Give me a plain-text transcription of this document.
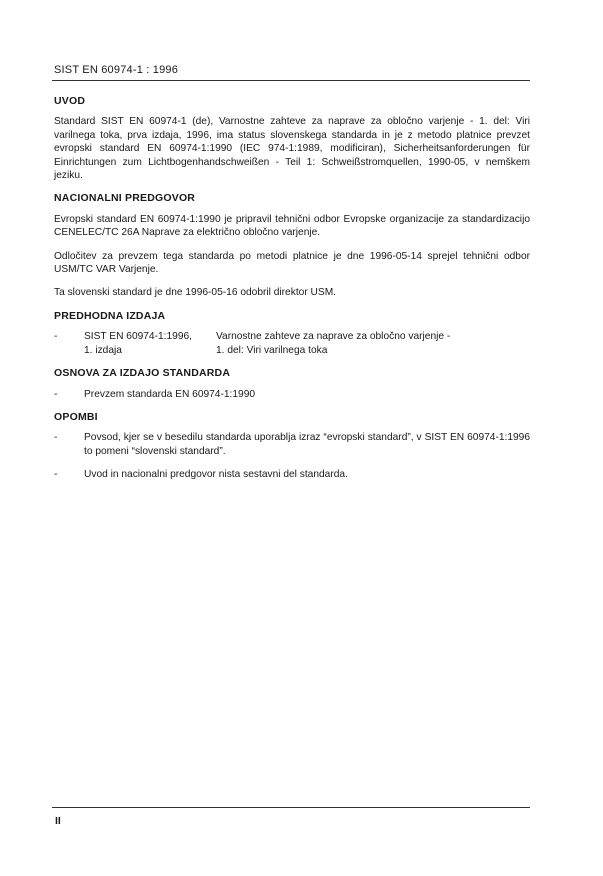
SIST EN 60974-1 : 1996
UVOD

Standard SIST EN 60974-1 (de), Varnostne zahteve za naprave za obločno varjenje - 1. del: Viri varilnega toka, prva izdaja, 1996, ima status slovenskega standarda in je z metodo platnice prevzet evropski standard EN 60974-1:1990 (IEC 974-1:1989, modificiran), Sicherheitsanforderungen für Einrichtungen zum Lichtbogenhandschweißen - Teil 1: Schweißstromquellen, 1990-05, v nemškem jeziku.

NACIONALNI PREDGOVOR

Evropski standard EN 60974-1:1990 je pripravil tehnični odbor Evropske organizacije za standardizacijo CENELEC/TC 26A Naprave za električno obločno varjenje.

Odločitev za prevzem tega standarda po metodi platnice je dne 1996-05-14 sprejel tehnični odbor USM/TC VAR Varjenje.

Ta slovenski standard je dne 1996-05-16 odobril direktor USM.

PREDHODNA IZDAJA
-	SIST EN 60974-1:1996,	Varnostne zahteve za naprave za obločno varjenje -
1. izdaja	1. del: Viri varilnega toka
OSNOVA ZA IZDAJO STANDARDA
-	Prevzem standarda EN 60974-1:1990
OPOMBI
-	Povsod, kjer se v besedilu standarda uporablja izraz “evropski standard”, v SIST EN 60974-1:1996 to pomeni “slovenski standard”.
-	Uvod in nacionalni predgovor nista sestavni del standarda.
II
